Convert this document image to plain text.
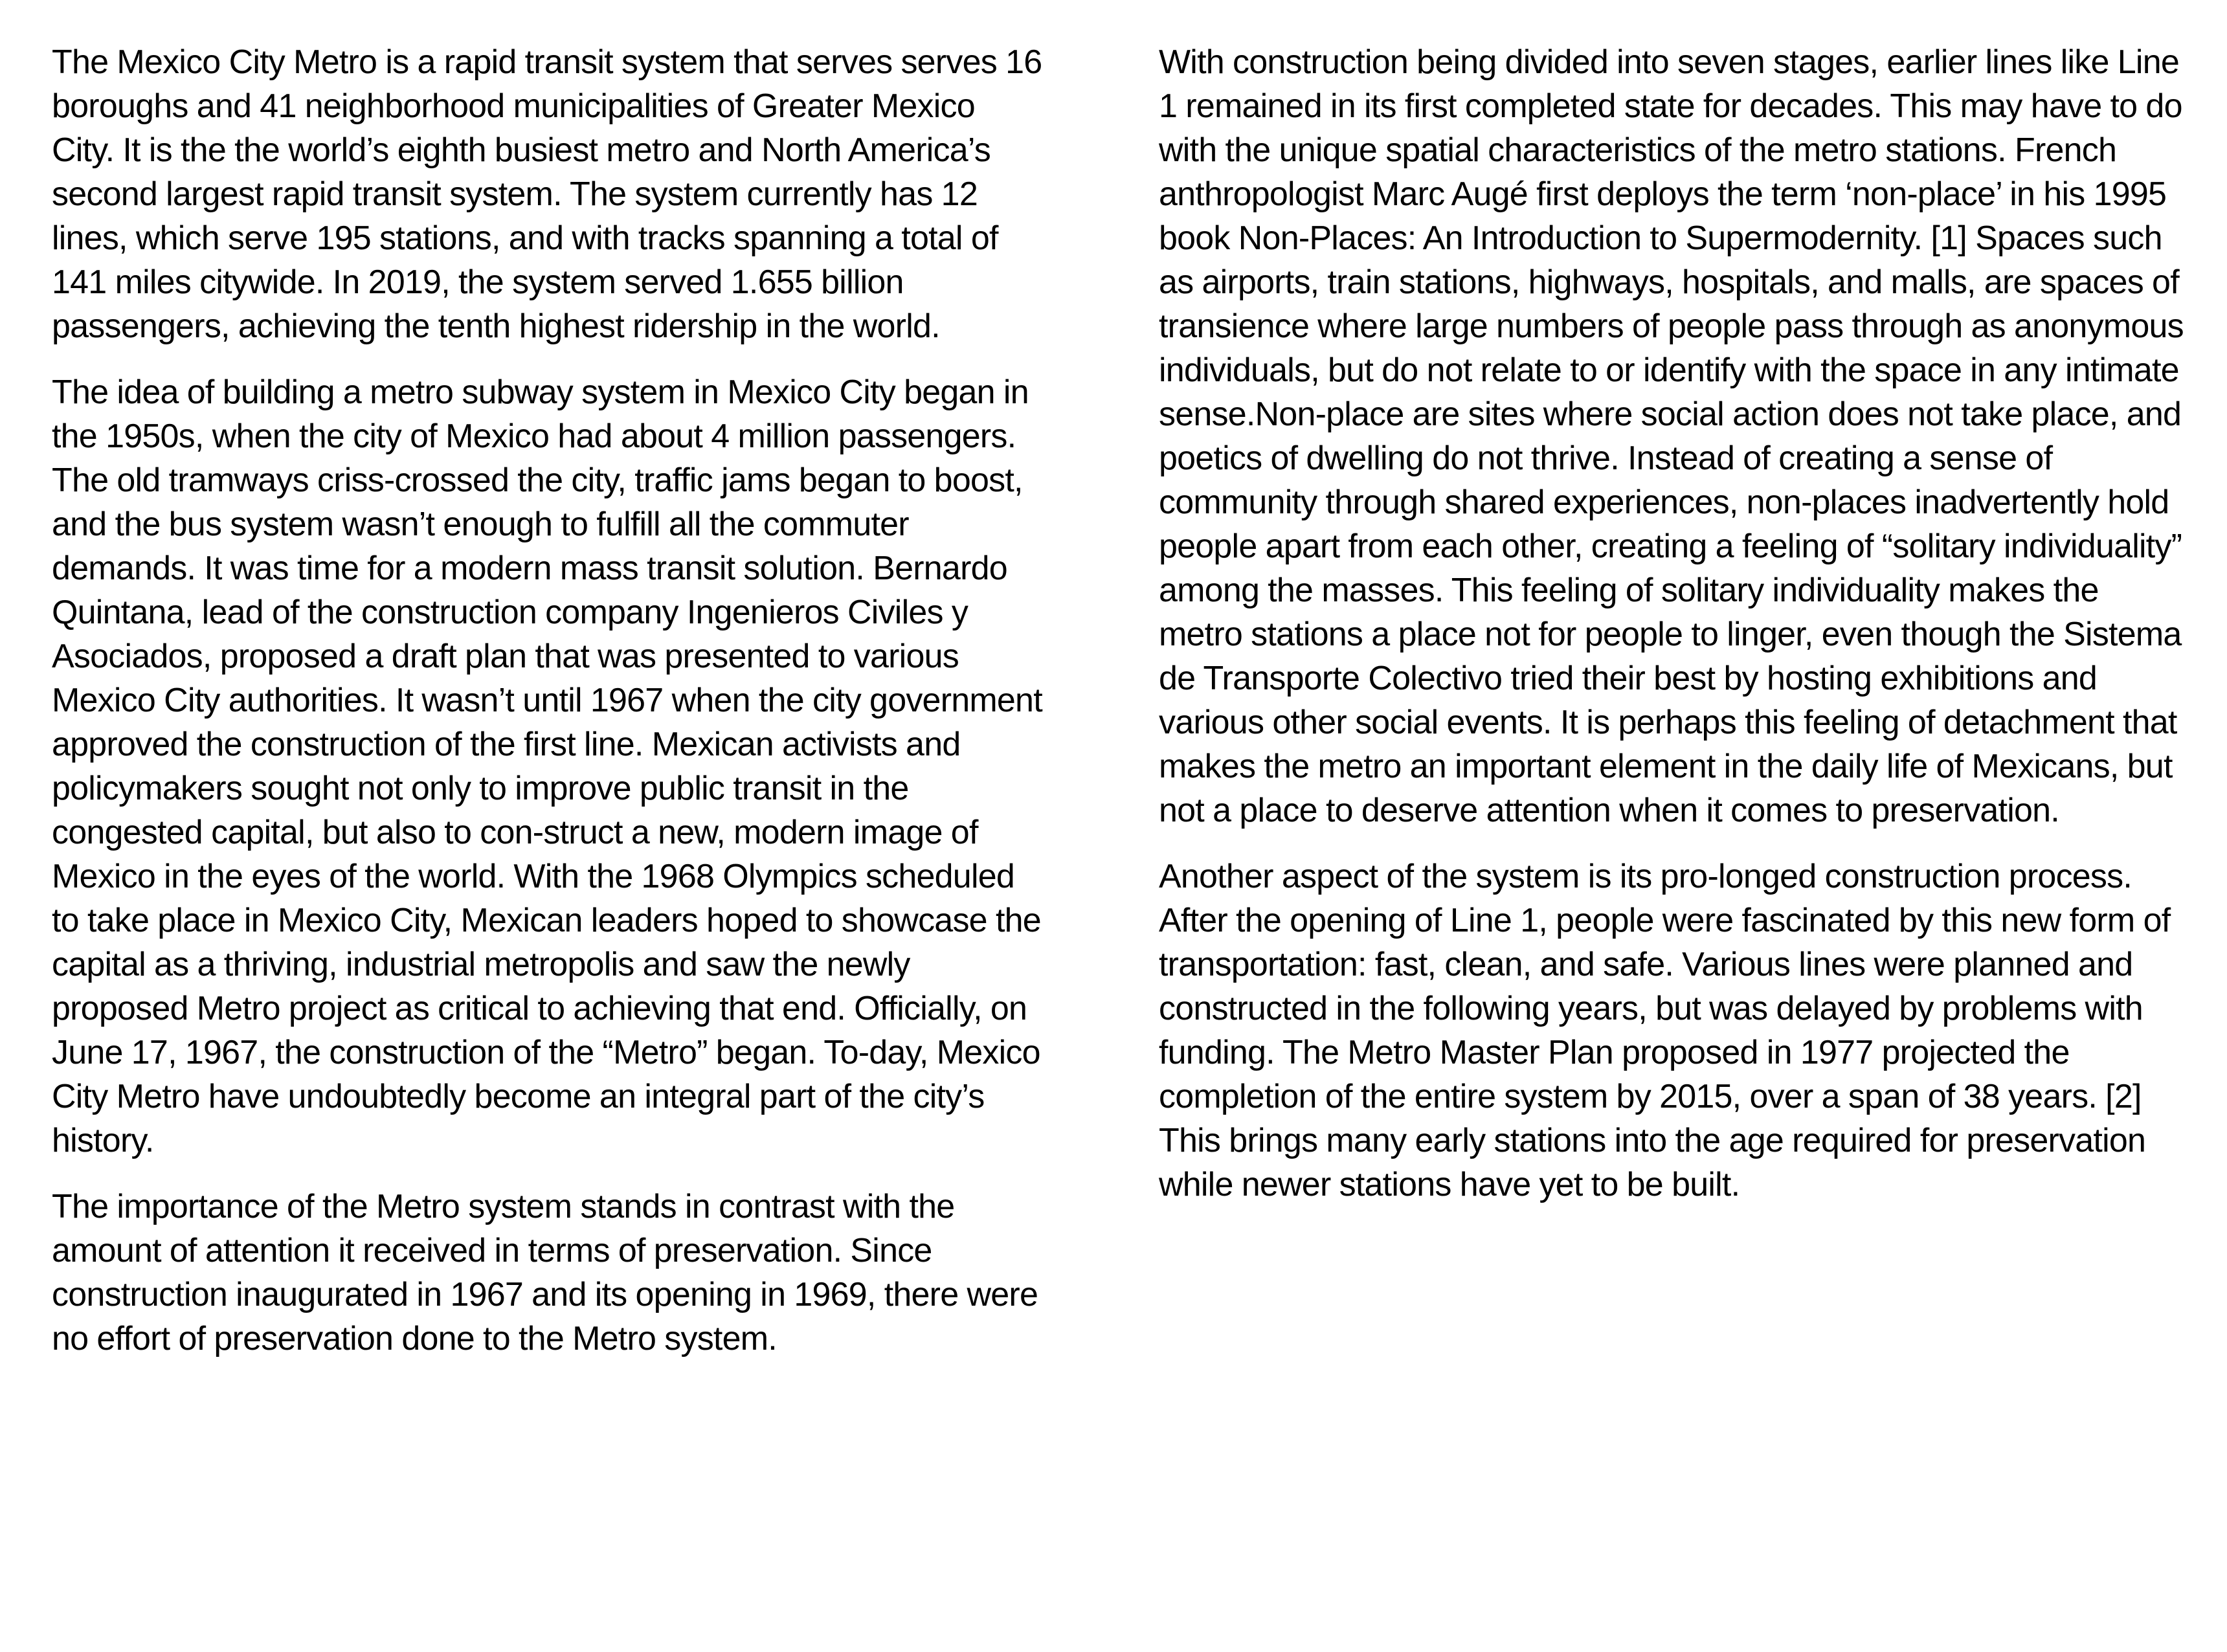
The Mexico City Metro is a rapid transit system that serves serves 16 boroughs and 41 neighborhood municipalities of Greater Mexico City. It is the the world’s eighth busiest metro and North America’s second largest rapid transit system. The system currently has 12 lines, which serve 195 stations, and with tracks spanning a total of 141 miles citywide. In 2019, the system served 1.655 billion passengers, achieving the tenth highest ridership in the world.

The idea of building a metro subway system in Mexico City began in the 1950s, when the city of Mexico had about 4 million passengers. The old tramways criss-crossed the city, traffic jams began to boost, and the bus system wasn’t enough to fulfill all the commuter demands. It was time for a modern mass transit solution. Bernardo Quintana, lead of the construction company Ingenieros Civiles y Asociados, proposed a draft plan that was presented to various Mexico City authorities. It wasn’t until 1967 when the city government approved the construction of the first line. Mexican activists and policymakers sought not only to improve public transit in the congested capital, but also to con-struct a new, modern image of Mexico in the eyes of the world. With the 1968 Olympics scheduled to take place in Mexico City, Mexican leaders hoped to showcase the capital as a thriving, industrial metropolis and saw the newly proposed Metro project as critical to achieving that end. Officially, on June 17, 1967, the construction of the “Metro” began. To-day, Mexico City Metro have undoubtedly become an integral part of the city’s history.

The importance of the Metro system stands in contrast with the amount of attention it received in terms of preservation. Since construction inaugurated in 1967 and its opening in 1969, there were no effort of preservation done to the Metro system.

With construction being divided into seven stages, earlier lines like Line 1 remained in its first completed state for decades. This may have to do with the unique spatial characteristics of the metro stations. French anthropologist Marc Augé first deploys the term ‘non-place’ in his 1995 book Non-Places: An Introduction to Supermodernity. [1] Spaces such as airports, train stations, highways, hospitals, and malls, are spaces of transience where large numbers of people pass through as anonymous individuals, but do not relate to or identify with the space in any intimate sense.Non-place are sites where social action does not take place, and poetics of dwelling do not thrive. Instead of creating a sense of community through shared experiences, non-places inadvertently hold people apart from each other, creating a feeling of “solitary individuality” among the masses. This feeling of solitary individuality makes the metro stations a place not for people to linger, even though the Sistema de Transporte Colectivo tried their best by hosting exhibitions and various other social events. It is perhaps this feeling of detachment that makes the metro an important element in the daily life of Mexicans, but not a place to deserve attention when it comes to preservation.

Another aspect of the system is its pro-longed construction process. After the opening of Line 1, people were fascinated by this new form of transportation: fast, clean, and safe. Various lines were planned and constructed in the following years, but was delayed by problems with funding. The Metro Master Plan proposed in 1977 projected the completion of the entire system by 2015, over a span of 38 years. [2] This brings many early stations into the age required for preservation while newer stations have yet to be built.
